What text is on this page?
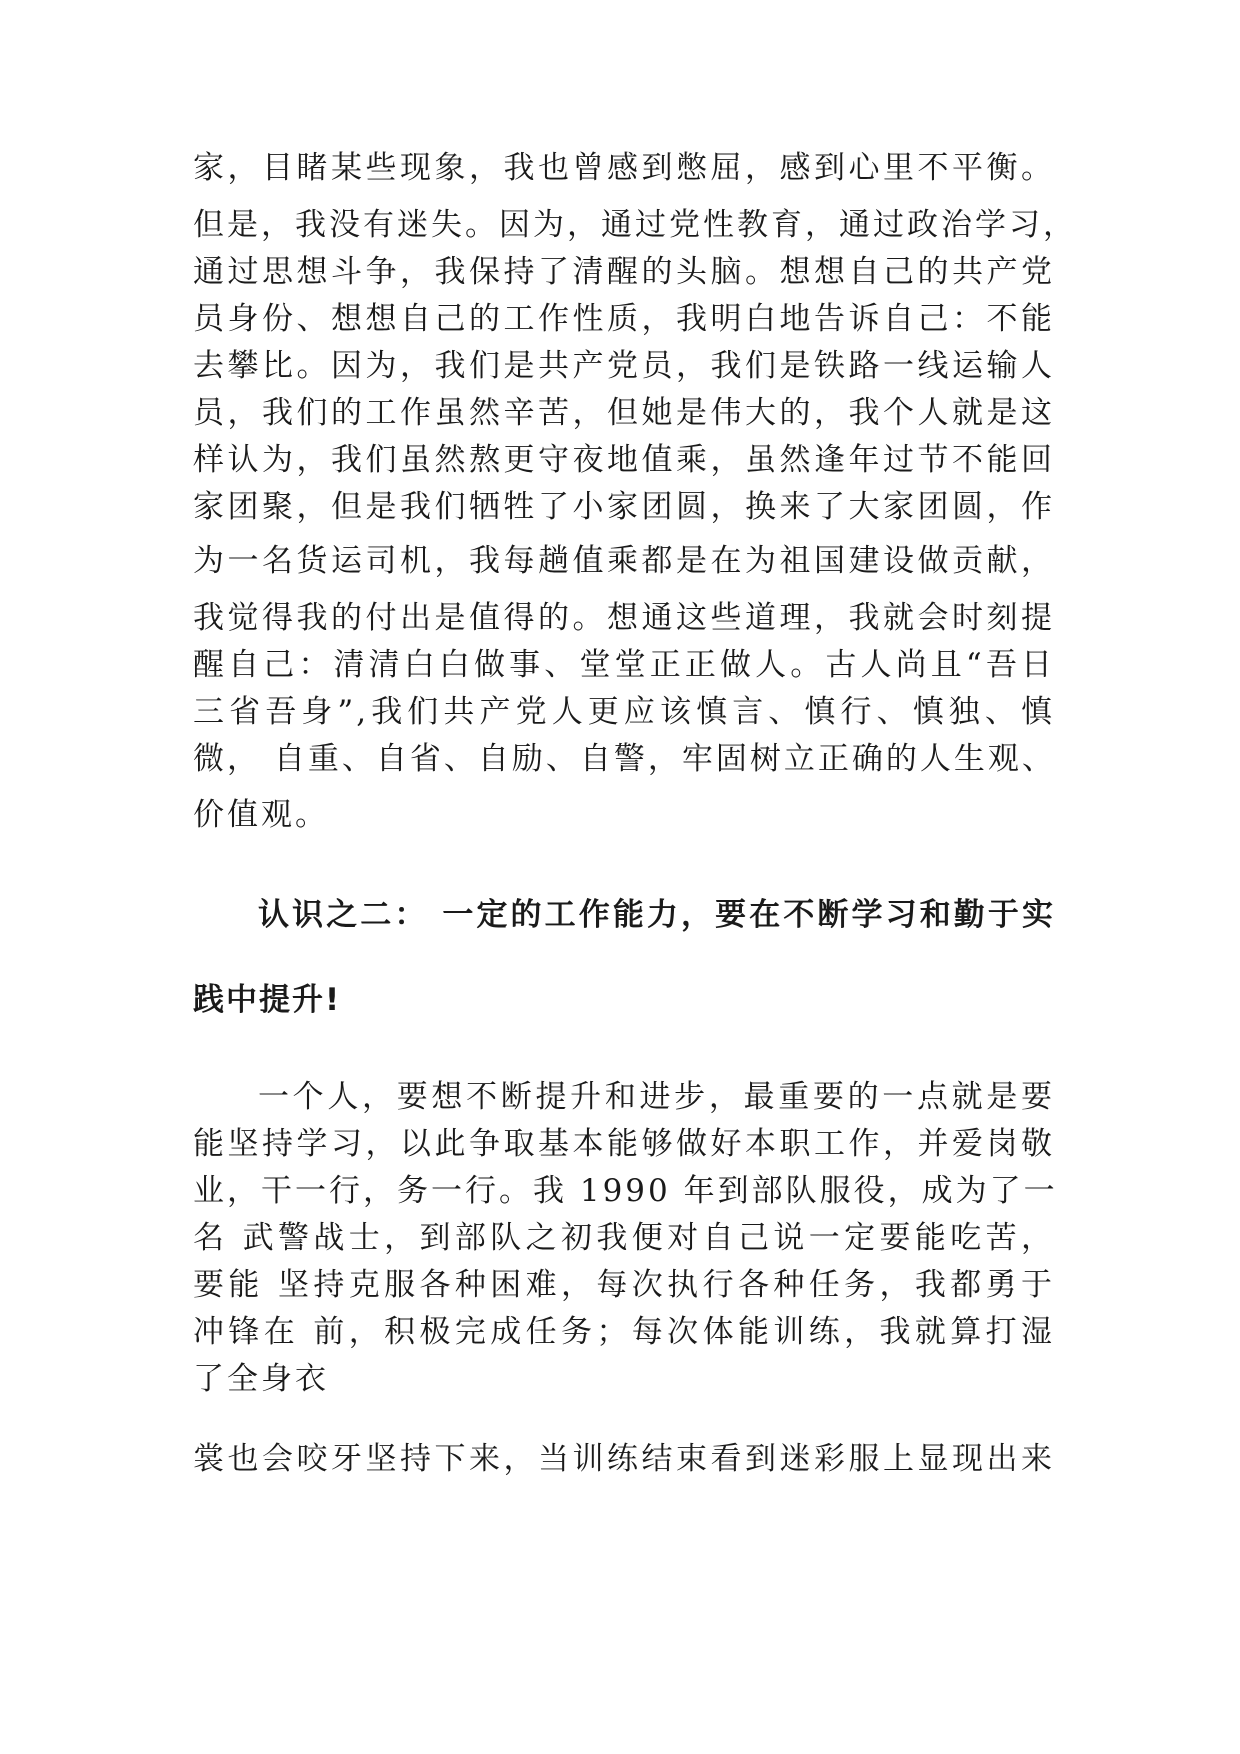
家，目睹某些现象，我也曾感到憋屈，感到心里不平衡。
但是，我没有迷失。因为，通过党性教育，通过政治学习，
通过思想斗争，我保持了清醒的头脑。想想自己的共产党
员身份、想想自己的工作性质，我明白地告诉自己：不能
去攀比。因为，我们是共产党员，我们是铁路一线运输人
员，我们的工作虽然辛苦，但她是伟大的，我个人就是这
样认为，我们虽然熬更守夜地值乘，虽然逢年过节不能回
家团聚，但是我们牺牲了小家团圆，换来了大家团圆，作
为一名货运司机，我每趟值乘都是在为祖国建设做贡献，
我觉得我的付出是值得的。想通这些道理，我就会时刻提
醒自己：清清白白做事、堂堂正正做人。古人尚且“吾日
三省吾身”,我们共产党人更应该慎言、慎行、慎独、慎
微， 自重、自省、自励、自警，牢固树立正确的人生观、
价值观。
认识之二： 一定的工作能力，要在不断学习和勤于实
践中提升!
一个人，要想不断提升和进步，最重要的一点就是要
能坚持学习，以此争取基本能够做好本职工作，并爱岗敬
业，干一行，务一行。我 1990 年到部队服役，成为了一
名 武警战士，到部队之初我便对自己说一定要能吃苦，
要能 坚持克服各种困难，每次执行各种任务，我都勇于
冲锋在 前，积极完成任务；每次体能训练，我就算打湿
了全身衣
裳也会咬牙坚持下来，当训练结束看到迷彩服上显现出来
